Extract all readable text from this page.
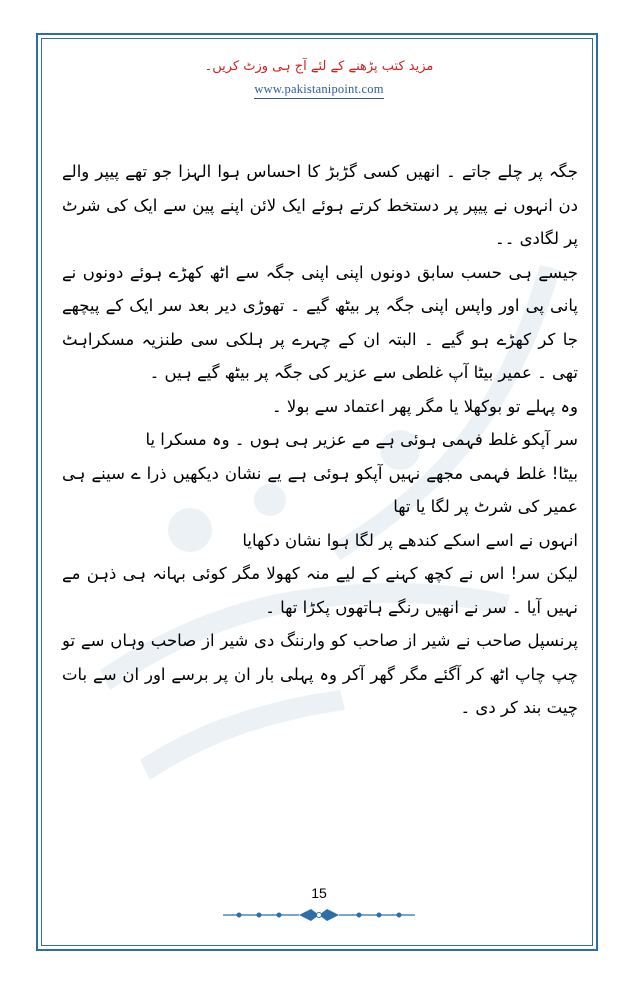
مزید کتب پڑھنے کے لئے آج ہی وزٹ کریں۔
www.pakistanipoint.com

جگہ پر چلے جاتے ۔ انھیں کسی گڑبڑ کا احساس ہوا الہزا جو تھے پیپر والے دن انہوں نے پیپر پر دستخط کرتے ہوئے ایک لائن اپنے پین سے ایک کی شرٹ پر لگادی ۔۔

جیسے ہی حسب سابق دونوں اپنی اپنی جگہ سے اٹھ کھڑے ہوئے دونوں نے پانی پی اور واپس اپنی جگہ پر بیٹھ گیے ۔ تھوڑی دیر بعد سر ایک کے پیچھے جا کر کھڑے ہو گیے ۔ البتہ ان کے چہرے پر ہلکی سی طنزیہ مسکراہٹ تھی ۔ عمیر بیٹا آپ غلطی سے عزیر کی جگہ پر بیٹھ گیے ہیں ۔

وہ پہلے تو بوکھلا یا مگر پھر اعتماد سے بولا ۔

سر آپکو غلط فہمی ہوئی ہے مے عزیر ہی ہوں ۔ وہ مسکرا یا

بیٹا! غلط فہمی مجھے نہیں آپکو ہوئی ہے یے نشان دیکھیں ذرا ے سینے ہی عمیر کی شرٹ پر لگا یا تھا

انہوں نے اسے اسکے کندھے پر لگا ہوا نشان دکھایا

لیکن سر! اس نے کچھ کہنے کے لیے منہ کھولا مگر کوئی بہانہ ہی ذہن مے نہیں آیا ۔ سر نے انھیں رنگے ہاتھوں پکڑا تھا ۔

پرنسپل صاحب نے شیر از صاحب کو وارننگ دی شیر از صاحب وہاں سے تو چپ چاپ اٹھ کر آگئے مگر گھر آکر وہ پہلی بار ان پر برسے اور ان سے بات چیت بند کر دی ۔

15
